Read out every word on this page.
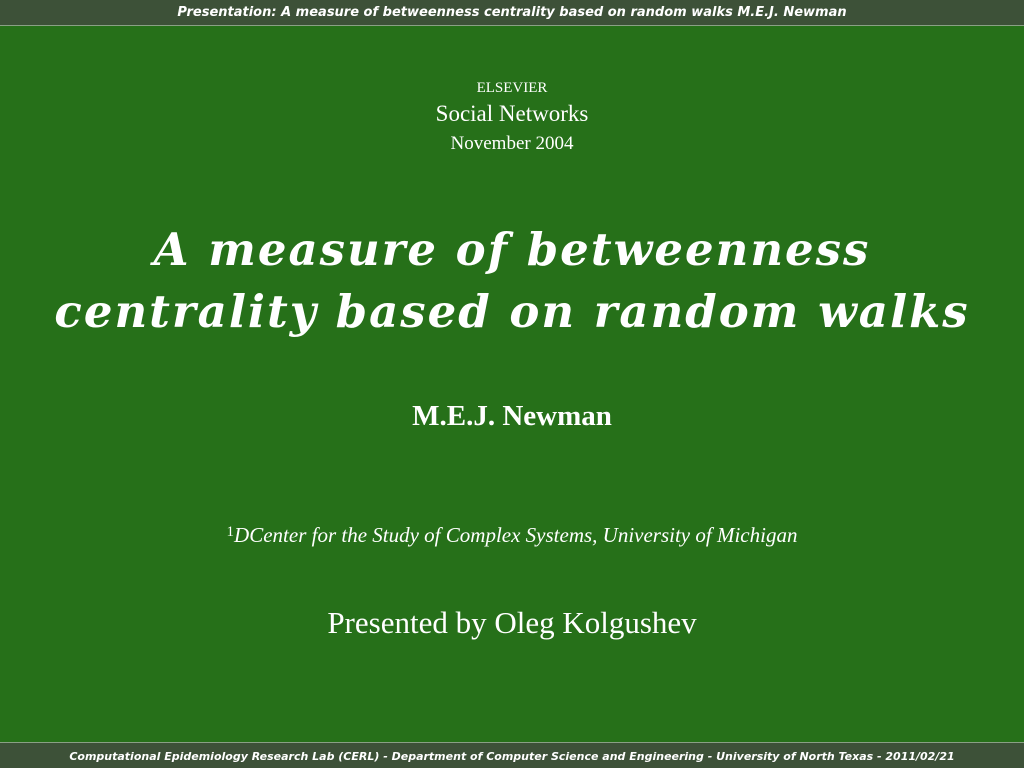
Presentation: A measure of betweenness centrality based on random walks M.E.J. Newman
ELSEVIER
Social Networks
November 2004
A measure of betweenness
centrality based on random walks
M.E.J. Newman
$^1$DCenter for the Study of Complex Systems, University of Michigan
Presented by Oleg Kolgushev
Computational Epidemiology Research Lab (CERL) - Department of Computer Science and Engineering - University of North Texas - 2011/02/21
